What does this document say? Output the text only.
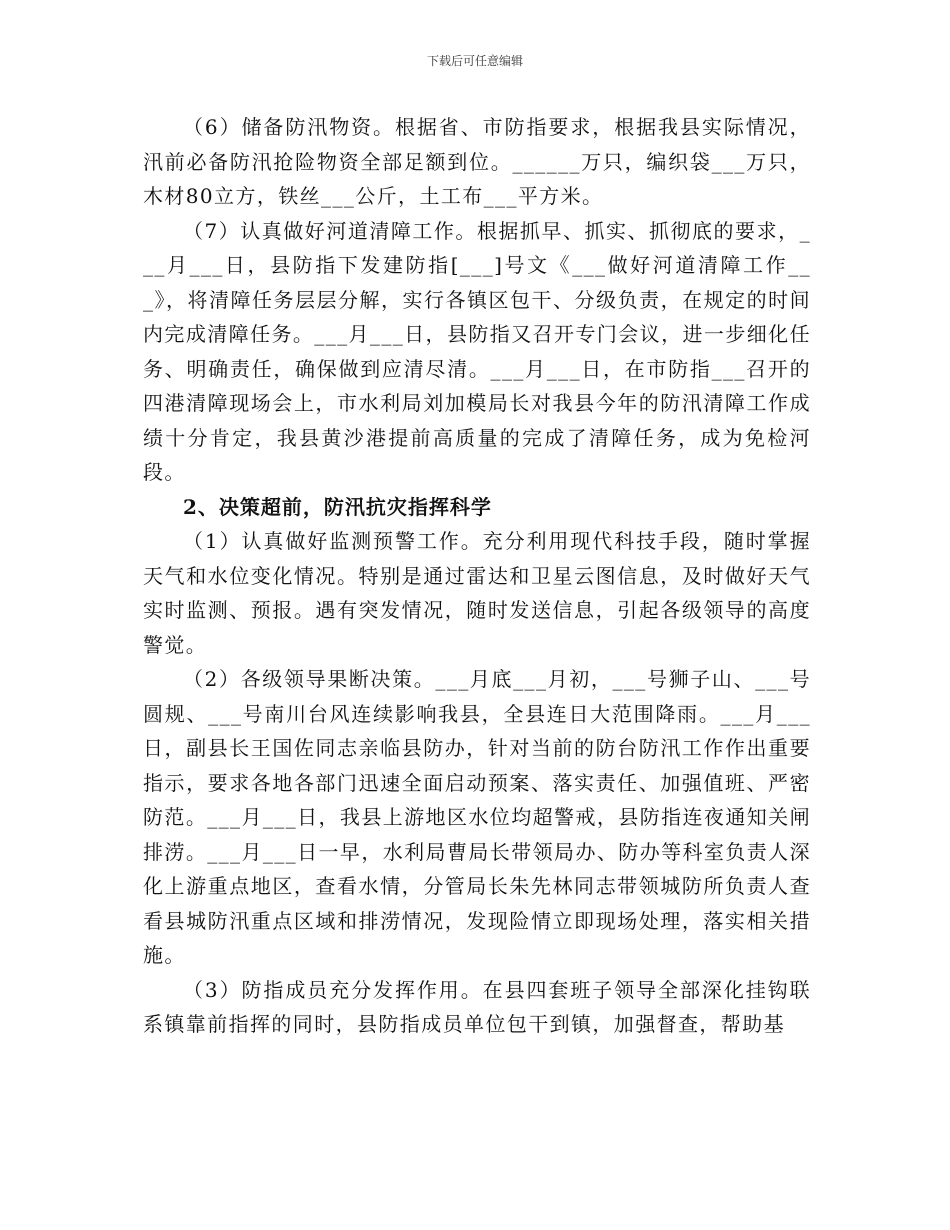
下载后可任意编辑

（6）储备防汛物资。根据省、市防指要求，根据我县实际情况，汛前必备防汛抢险物资全部足额到位。______万只，编织袋___万只，木材80立方，铁丝___公斤，土工布___平方米。

（7）认真做好河道清障工作。根据抓早、抓实、抓彻底的要求，___月___日，县防指下发建防指[___]号文《___做好河道清障工作___》，将清障任务层层分解，实行各镇区包干、分级负责，在规定的时间内完成清障任务。___月___日，县防指又召开专门会议，进一步细化任务、明确责任，确保做到应清尽清。___月___日，在市防指___召开的四港清障现场会上，市水利局刘加模局长对我县今年的防汛清障工作成绩十分肯定，我县黄沙港提前高质量的完成了清障任务，成为免检河段。

2、决策超前，防汛抗灾指挥科学

（1）认真做好监测预警工作。充分利用现代科技手段，随时掌握天气和水位变化情况。特别是通过雷达和卫星云图信息，及时做好天气实时监测、预报。遇有突发情况，随时发送信息，引起各级领导的高度警觉。

（2）各级领导果断决策。___月底___月初，___号狮子山、___号圆规、___号南川台风连续影响我县，全县连日大范围降雨。___月___日，副县长王国佐同志亲临县防办，针对当前的防台防汛工作作出重要指示，要求各地各部门迅速全面启动预案、落实责任、加强值班、严密防范。___月___日，我县上游地区水位均超警戒，县防指连夜通知关闸排涝。___月___日一早，水利局曹局长带领局办、防办等科室负责人深化上游重点地区，查看水情，分管局长朱先林同志带领城防所负责人查看县城防汛重点区域和排涝情况，发现险情立即现场处理，落实相关措施。

（3）防指成员充分发挥作用。在县四套班子领导全部深化挂钩联系镇靠前指挥的同时，县防指成员单位包干到镇，加强督查，帮助基
